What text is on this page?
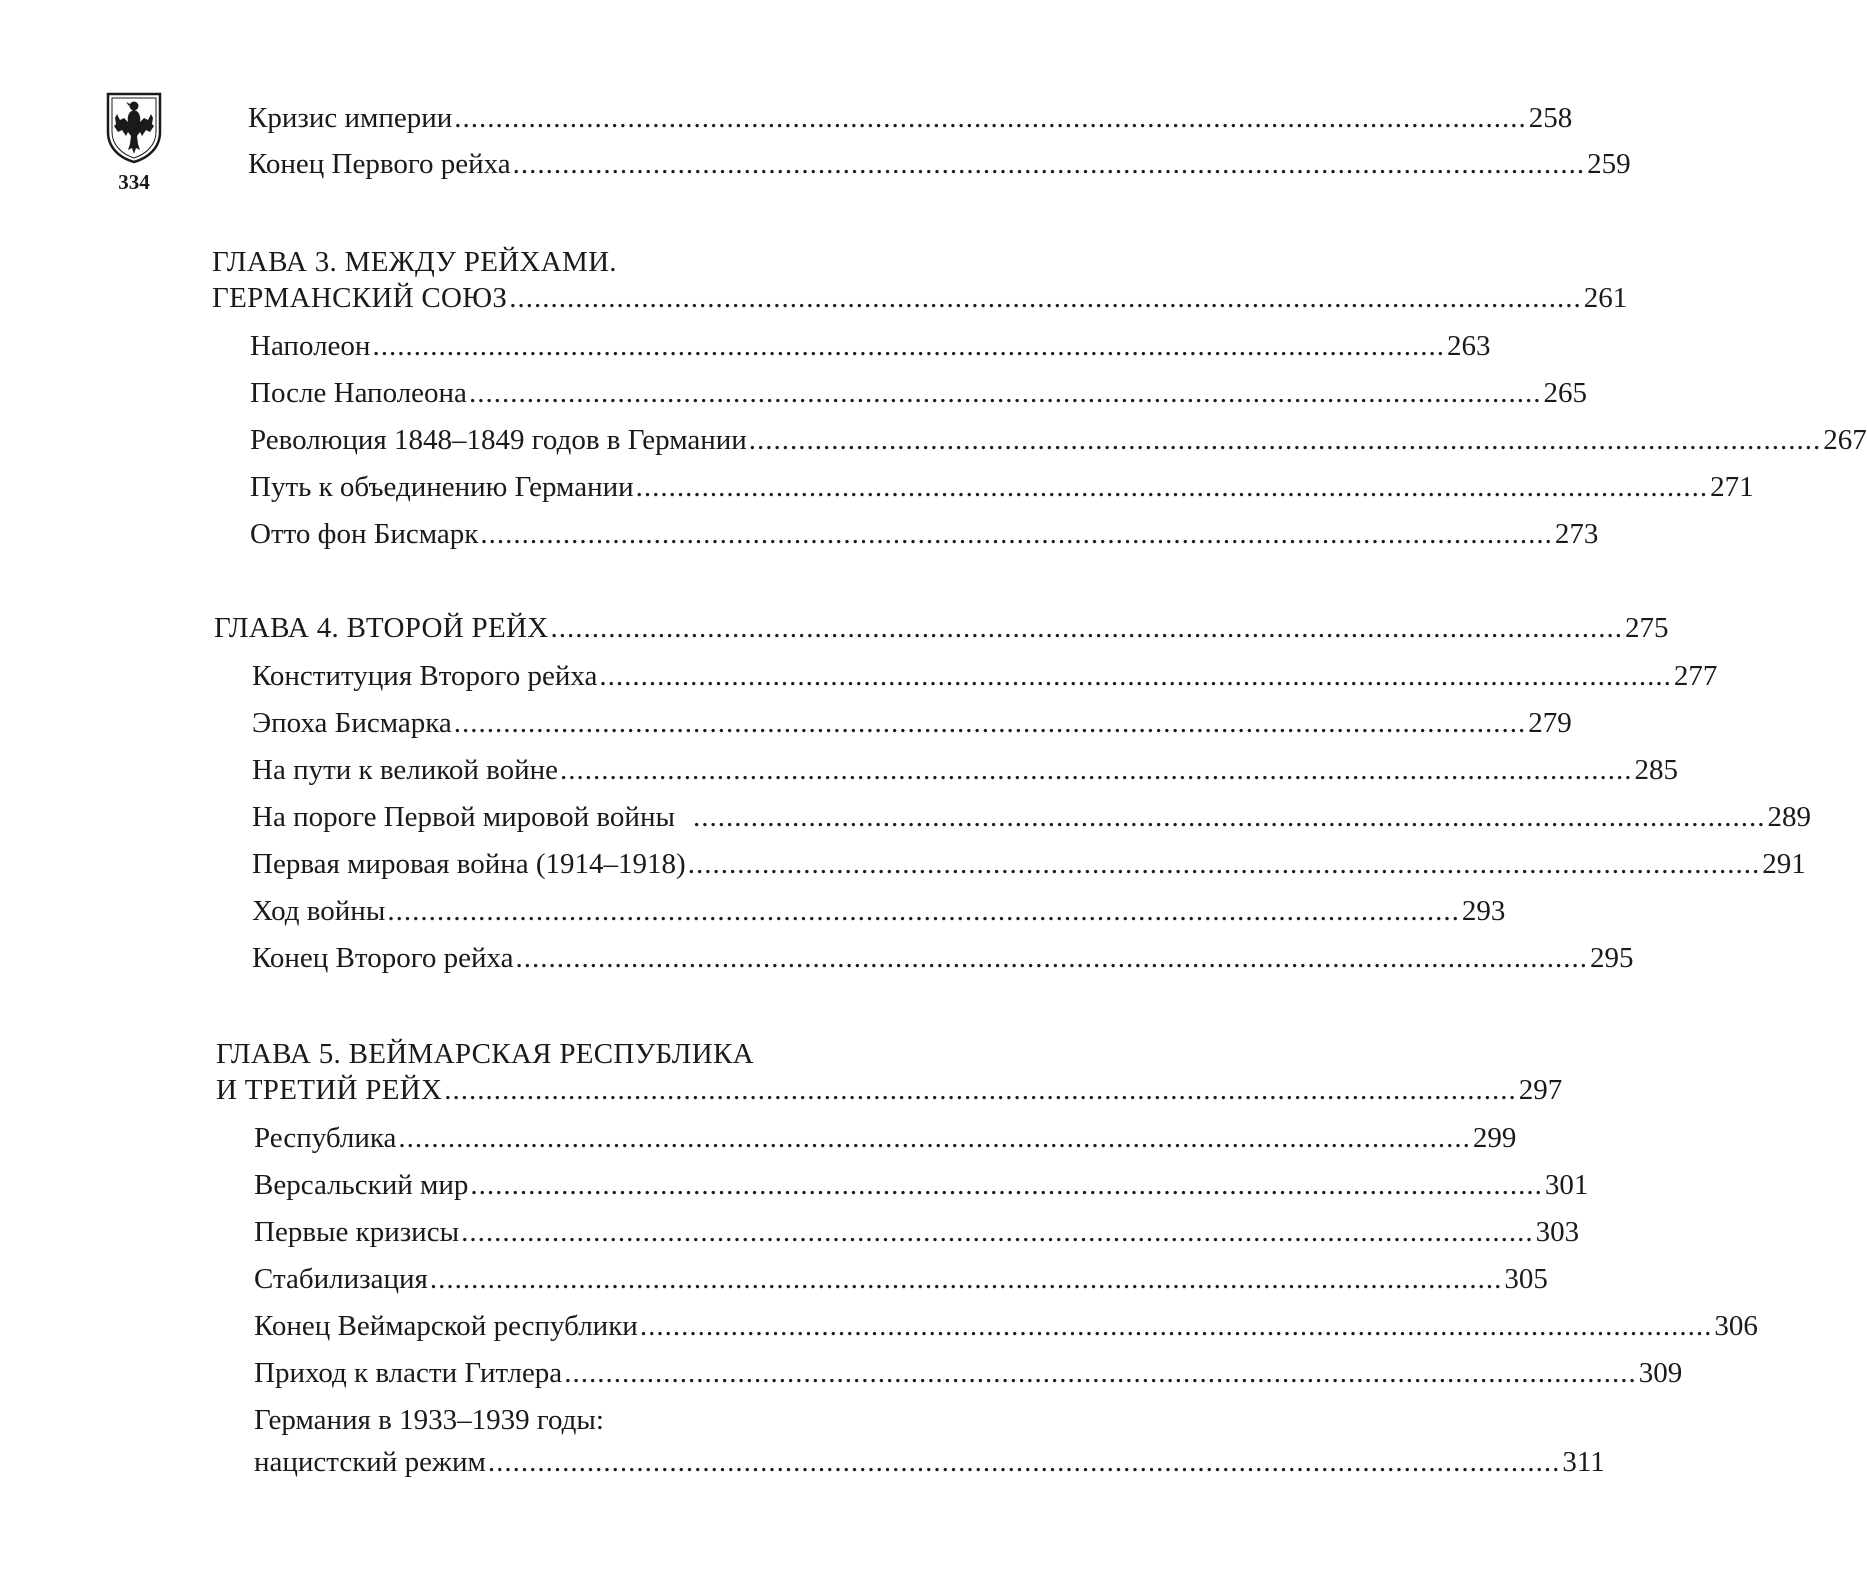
334
Кризис империи .................................................................................................................................. 258
Конец Первого рейха .................................................................................................................................. 259
ГЛАВА 3. МЕЖДУ РЕЙХАМИ.
ГЕРМАНСКИЙ СОЮЗ .................................................................................................................................. 261
Наполеон .................................................................................................................................. 263
После Наполеона .................................................................................................................................. 265
Революция 1848–1849 годов в Германии .................................................................................................................................. 267
Путь к объединению Германии .................................................................................................................................. 271
Отто фон Бисмарк .................................................................................................................................. 273
ГЛАВА 4. ВТОРОЙ РЕЙХ .................................................................................................................................. 275
Конституция Второго рейха .................................................................................................................................. 277
Эпоха Бисмарка .................................................................................................................................. 279
На пути к великой войне .................................................................................................................................. 285
На пороге Первой мировой войны .................................................................................................................................. 289
Первая мировая война (1914–1918) .................................................................................................................................. 291
Ход войны .................................................................................................................................. 293
Конец Второго рейха .................................................................................................................................. 295
ГЛАВА 5. ВЕЙМАРСКАЯ РЕСПУБЛИКА
И ТРЕТИЙ РЕЙХ .................................................................................................................................. 297
Республика .................................................................................................................................. 299
Версальский мир .................................................................................................................................. 301
Первые кризисы .................................................................................................................................. 303
Стабилизация .................................................................................................................................. 305
Конец Веймарской республики .................................................................................................................................. 306
Приход к власти Гитлера .................................................................................................................................. 309
Германия в 1933–1939 годы:
нацистский режим .................................................................................................................................. 311
